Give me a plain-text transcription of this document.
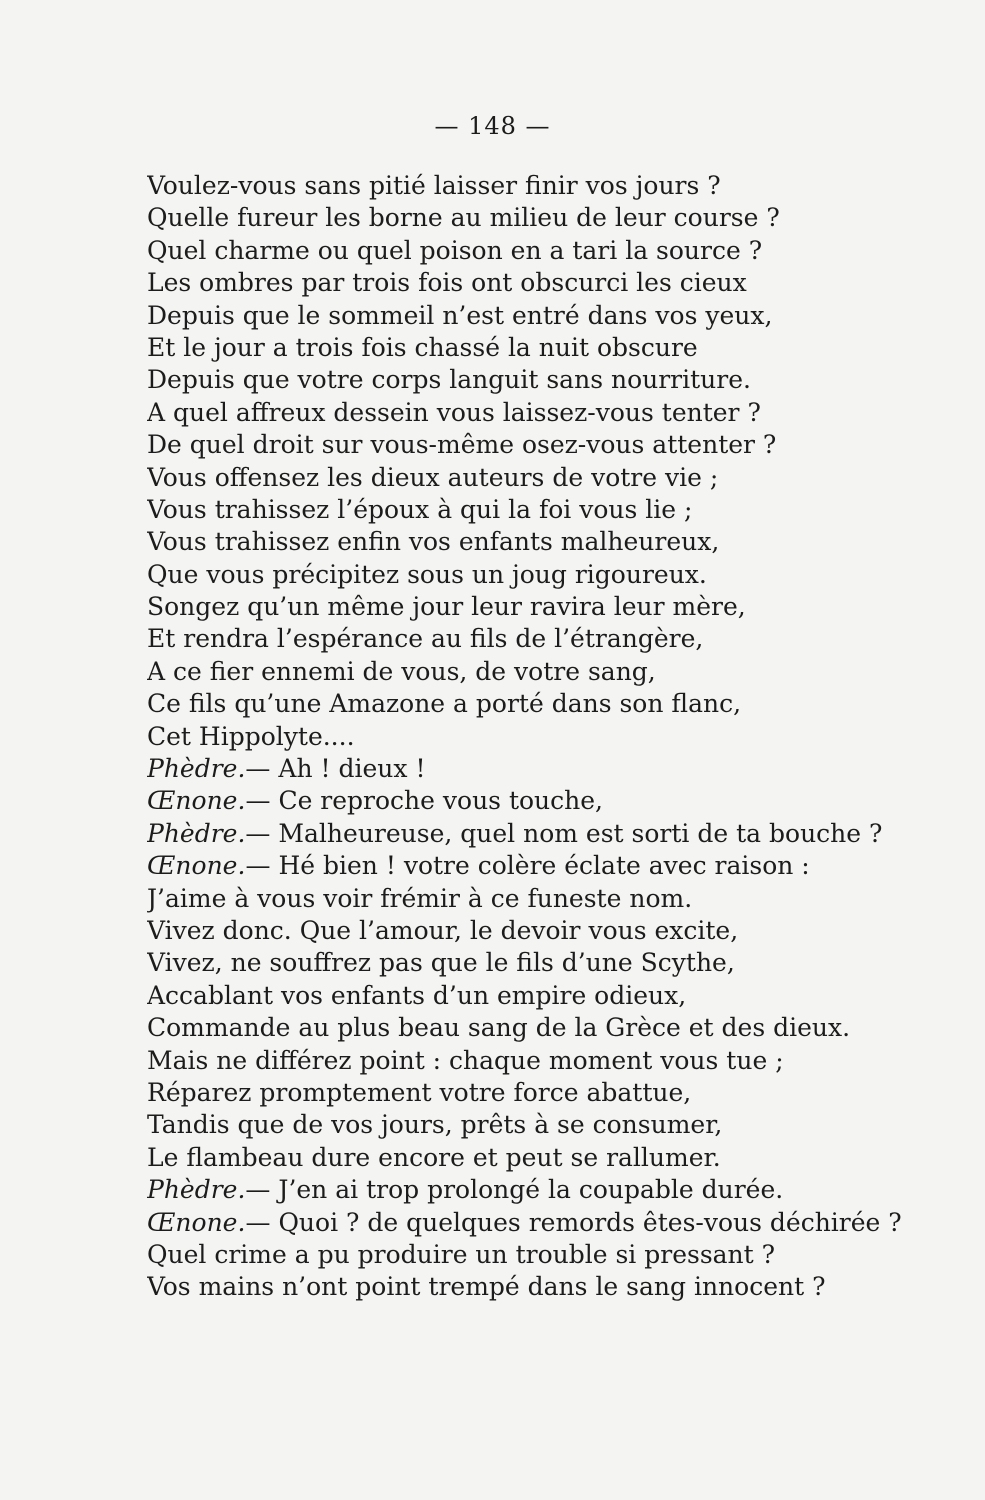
— 148 —
Voulez-vous sans pitié laisser finir vos jours ?
Quelle fureur les borne au milieu de leur course ?
Quel charme ou quel poison en a tari la source ?
Les ombres par trois fois ont obscurci les cieux
Depuis que le sommeil n’est entré dans vos yeux,
Et le jour a trois fois chassé la nuit obscure
Depuis que votre corps languit sans nourriture.
A quel affreux dessein vous laissez-vous tenter ?
De quel droit sur vous-même osez-vous attenter ?
Vous offensez les dieux auteurs de votre vie ;
Vous trahissez l’époux à qui la foi vous lie ;
Vous trahissez enfin vos enfants malheureux,
Que vous précipitez sous un joug rigoureux.
Songez qu’un même jour leur ravira leur mère,
Et rendra l’espérance au fils de l’étrangère,
A ce fier ennemi de vous, de votre sang,
Ce fils qu’une Amazone a porté dans son flanc,
Cet Hippolyte....
Phèdre.— Ah ! dieux !
Œnone.— Ce reproche vous touche,
Phèdre.— Malheureuse, quel nom est sorti de ta bouche ?
Œnone.— Hé bien ! votre colère éclate avec raison :
J’aime à vous voir frémir à ce funeste nom.
Vivez donc. Que l’amour, le devoir vous excite,
Vivez, ne souffrez pas que le fils d’une Scythe,
Accablant vos enfants d’un empire odieux,
Commande au plus beau sang de la Grèce et des dieux.
Mais ne différez point : chaque moment vous tue ;
Réparez promptement votre force abattue,
Tandis que de vos jours, prêts à se consumer,
Le flambeau dure encore et peut se rallumer.
Phèdre.— J’en ai trop prolongé la coupable durée.
Œnone.— Quoi ? de quelques remords êtes-vous déchirée ?
Quel crime a pu produire un trouble si pressant ?
Vos mains n’ont point trempé dans le sang innocent ?
